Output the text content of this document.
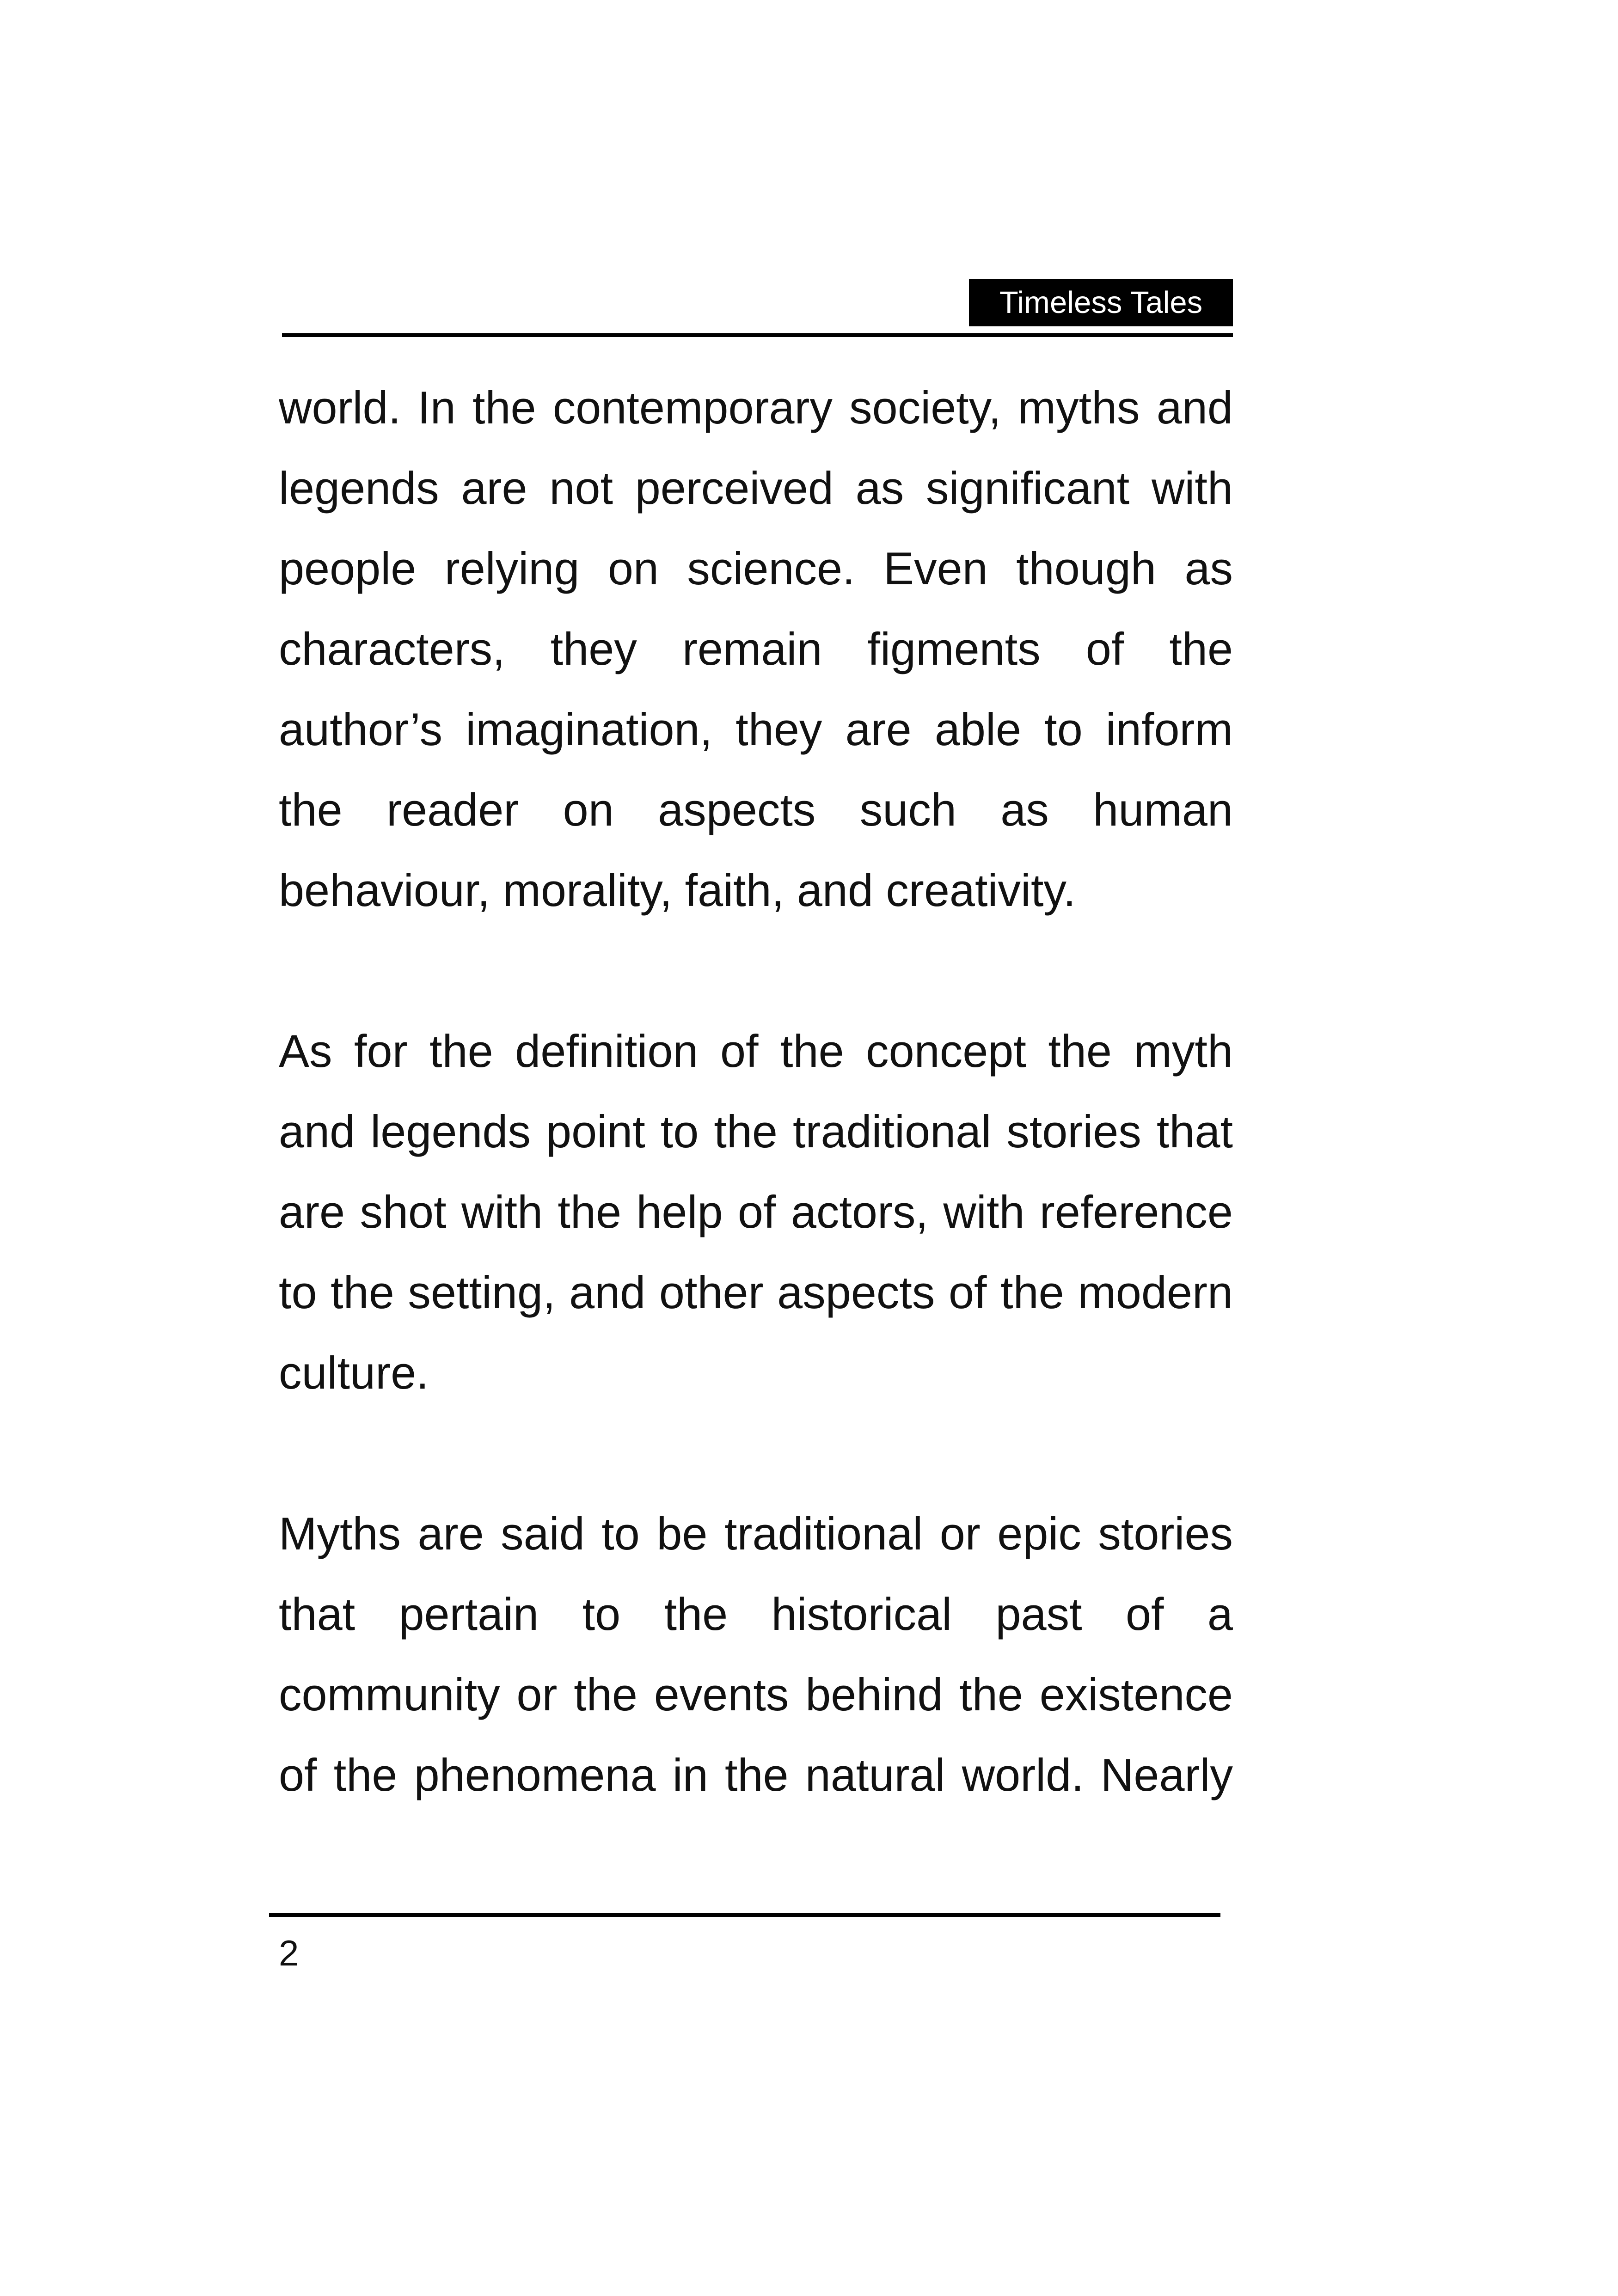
Timeless Tales

world. In the contemporary society, myths and legends are not perceived as significant with people relying on science. Even though as characters, they remain figments of the author’s imagination, they are able to inform the reader on aspects such as human behaviour, morality, faith, and creativity.

As for the definition of the concept the myth and legends point to the traditional stories that are shot with the help of actors, with reference to the setting, and other aspects of the modern culture.

Myths are said to be traditional or epic stories that pertain to the historical past of a community or the events behind the existence of the phenomena in the natural world. Nearly

2
